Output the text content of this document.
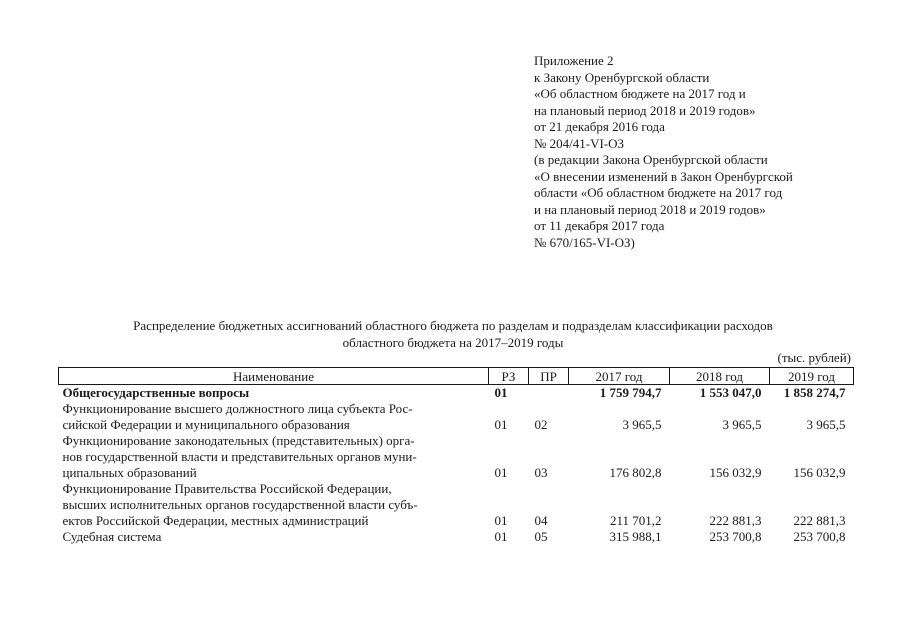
Приложение 2
к Закону Оренбургской области
«Об областном бюджете на 2017 год и
на плановый период 2018 и 2019 годов»
от 21 декабря 2016 года
№ 204/41-VI-ОЗ
(в редакции Закона Оренбургской области
«О внесении изменений в Закон Оренбургской
области «Об областном бюджете на 2017 год
и на плановый период 2018 и 2019 годов»
от 11 декабря 2017 года
№ 670/165-VI-ОЗ)
Распределение бюджетных ассигнований областного бюджета по разделам и подразделам классификации расходов
областного бюджета на 2017–2019 годы
(тыс. рублей)
Наименование	РЗ	ПР	2017 год	2018 год	2019 год

Общегосударственные вопросы	01		1 759 794,7	1 553 047,0	1 858 274,7

Функционирование высшего должностного лица субъекта Рос-
сийской Федерации и муниципального образования	01	02	3 965,5	3 965,5	3 965,5

Функционирование законодательных (представительных) орга-
нов государственной власти и представительных органов муни-
ципальных образований	01	03	176 802,8	156 032,9	156 032,9

Функционирование Правительства Российской Федерации,
высших исполнительных органов государственной власти субъ-
ектов Российской Федерации, местных администраций	01	04	211 701,2	222 881,3	222 881,3

Судебная система	01	05	315 988,1	253 700,8	253 700,8
